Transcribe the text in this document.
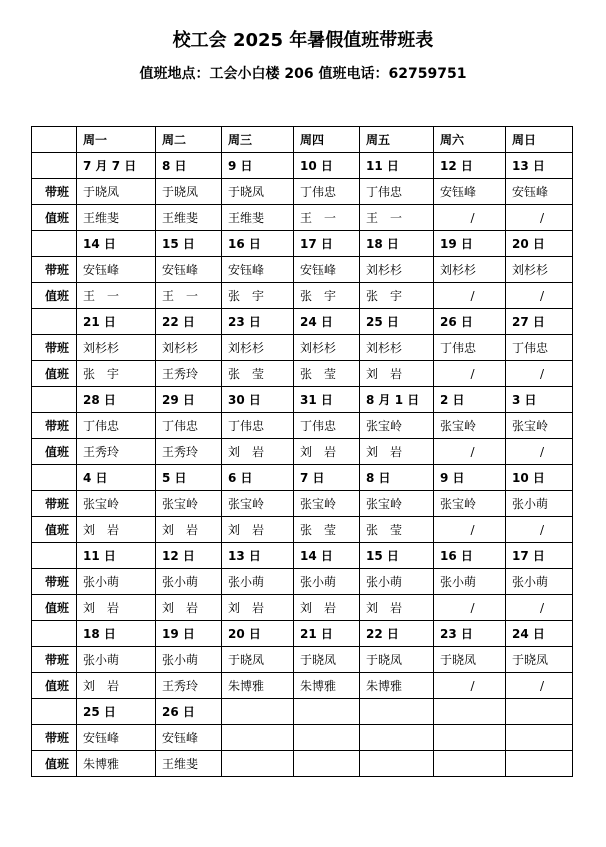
校工会 2025 年暑假值班带班表
值班地点：工会小白楼 206 值班电话：62759751
	周一	周二	周三	周四	周五	周六	周日
	7 月 7 日	8 日	9 日	10 日	11 日	12 日	13 日
带班	于晓凤	于晓凤	于晓凤	丁伟忠	丁伟忠	安钰峰	安钰峰
值班	王维斐	王维斐	王维斐	王　一	王　一	/	/
	14 日	15 日	16 日	17 日	18 日	19 日	20 日
带班	安钰峰	安钰峰	安钰峰	安钰峰	刘杉杉	刘杉杉	刘杉杉
值班	王　一	王　一	张　宇	张　宇	张　宇	/	/
	21 日	22 日	23 日	24 日	25 日	26 日	27 日
带班	刘杉杉	刘杉杉	刘杉杉	刘杉杉	刘杉杉	丁伟忠	丁伟忠
值班	张　宇	王秀玲	张　莹	张　莹	刘　岩	/	/
	28 日	29 日	30 日	31 日	8 月 1 日	2 日	3 日
带班	丁伟忠	丁伟忠	丁伟忠	丁伟忠	张宝岭	张宝岭	张宝岭
值班	王秀玲	王秀玲	刘　岩	刘　岩	刘　岩	/	/
	4 日	5 日	6 日	7 日	8 日	9 日	10 日
带班	张宝岭	张宝岭	张宝岭	张宝岭	张宝岭	张宝岭	张小萌
值班	刘　岩	刘　岩	刘　岩	张　莹	张　莹	/	/
	11 日	12 日	13 日	14 日	15 日	16 日	17 日
带班	张小萌	张小萌	张小萌	张小萌	张小萌	张小萌	张小萌
值班	刘　岩	刘　岩	刘　岩	刘　岩	刘　岩	/	/
	18 日	19 日	20 日	21 日	22 日	23 日	24 日
带班	张小萌	张小萌	于晓凤	于晓凤	于晓凤	于晓凤	于晓凤
值班	刘　岩	王秀玲	朱博雅	朱博雅	朱博雅	/	/
	25 日	26 日					
带班	安钰峰	安钰峰					
值班	朱博雅	王维斐					
